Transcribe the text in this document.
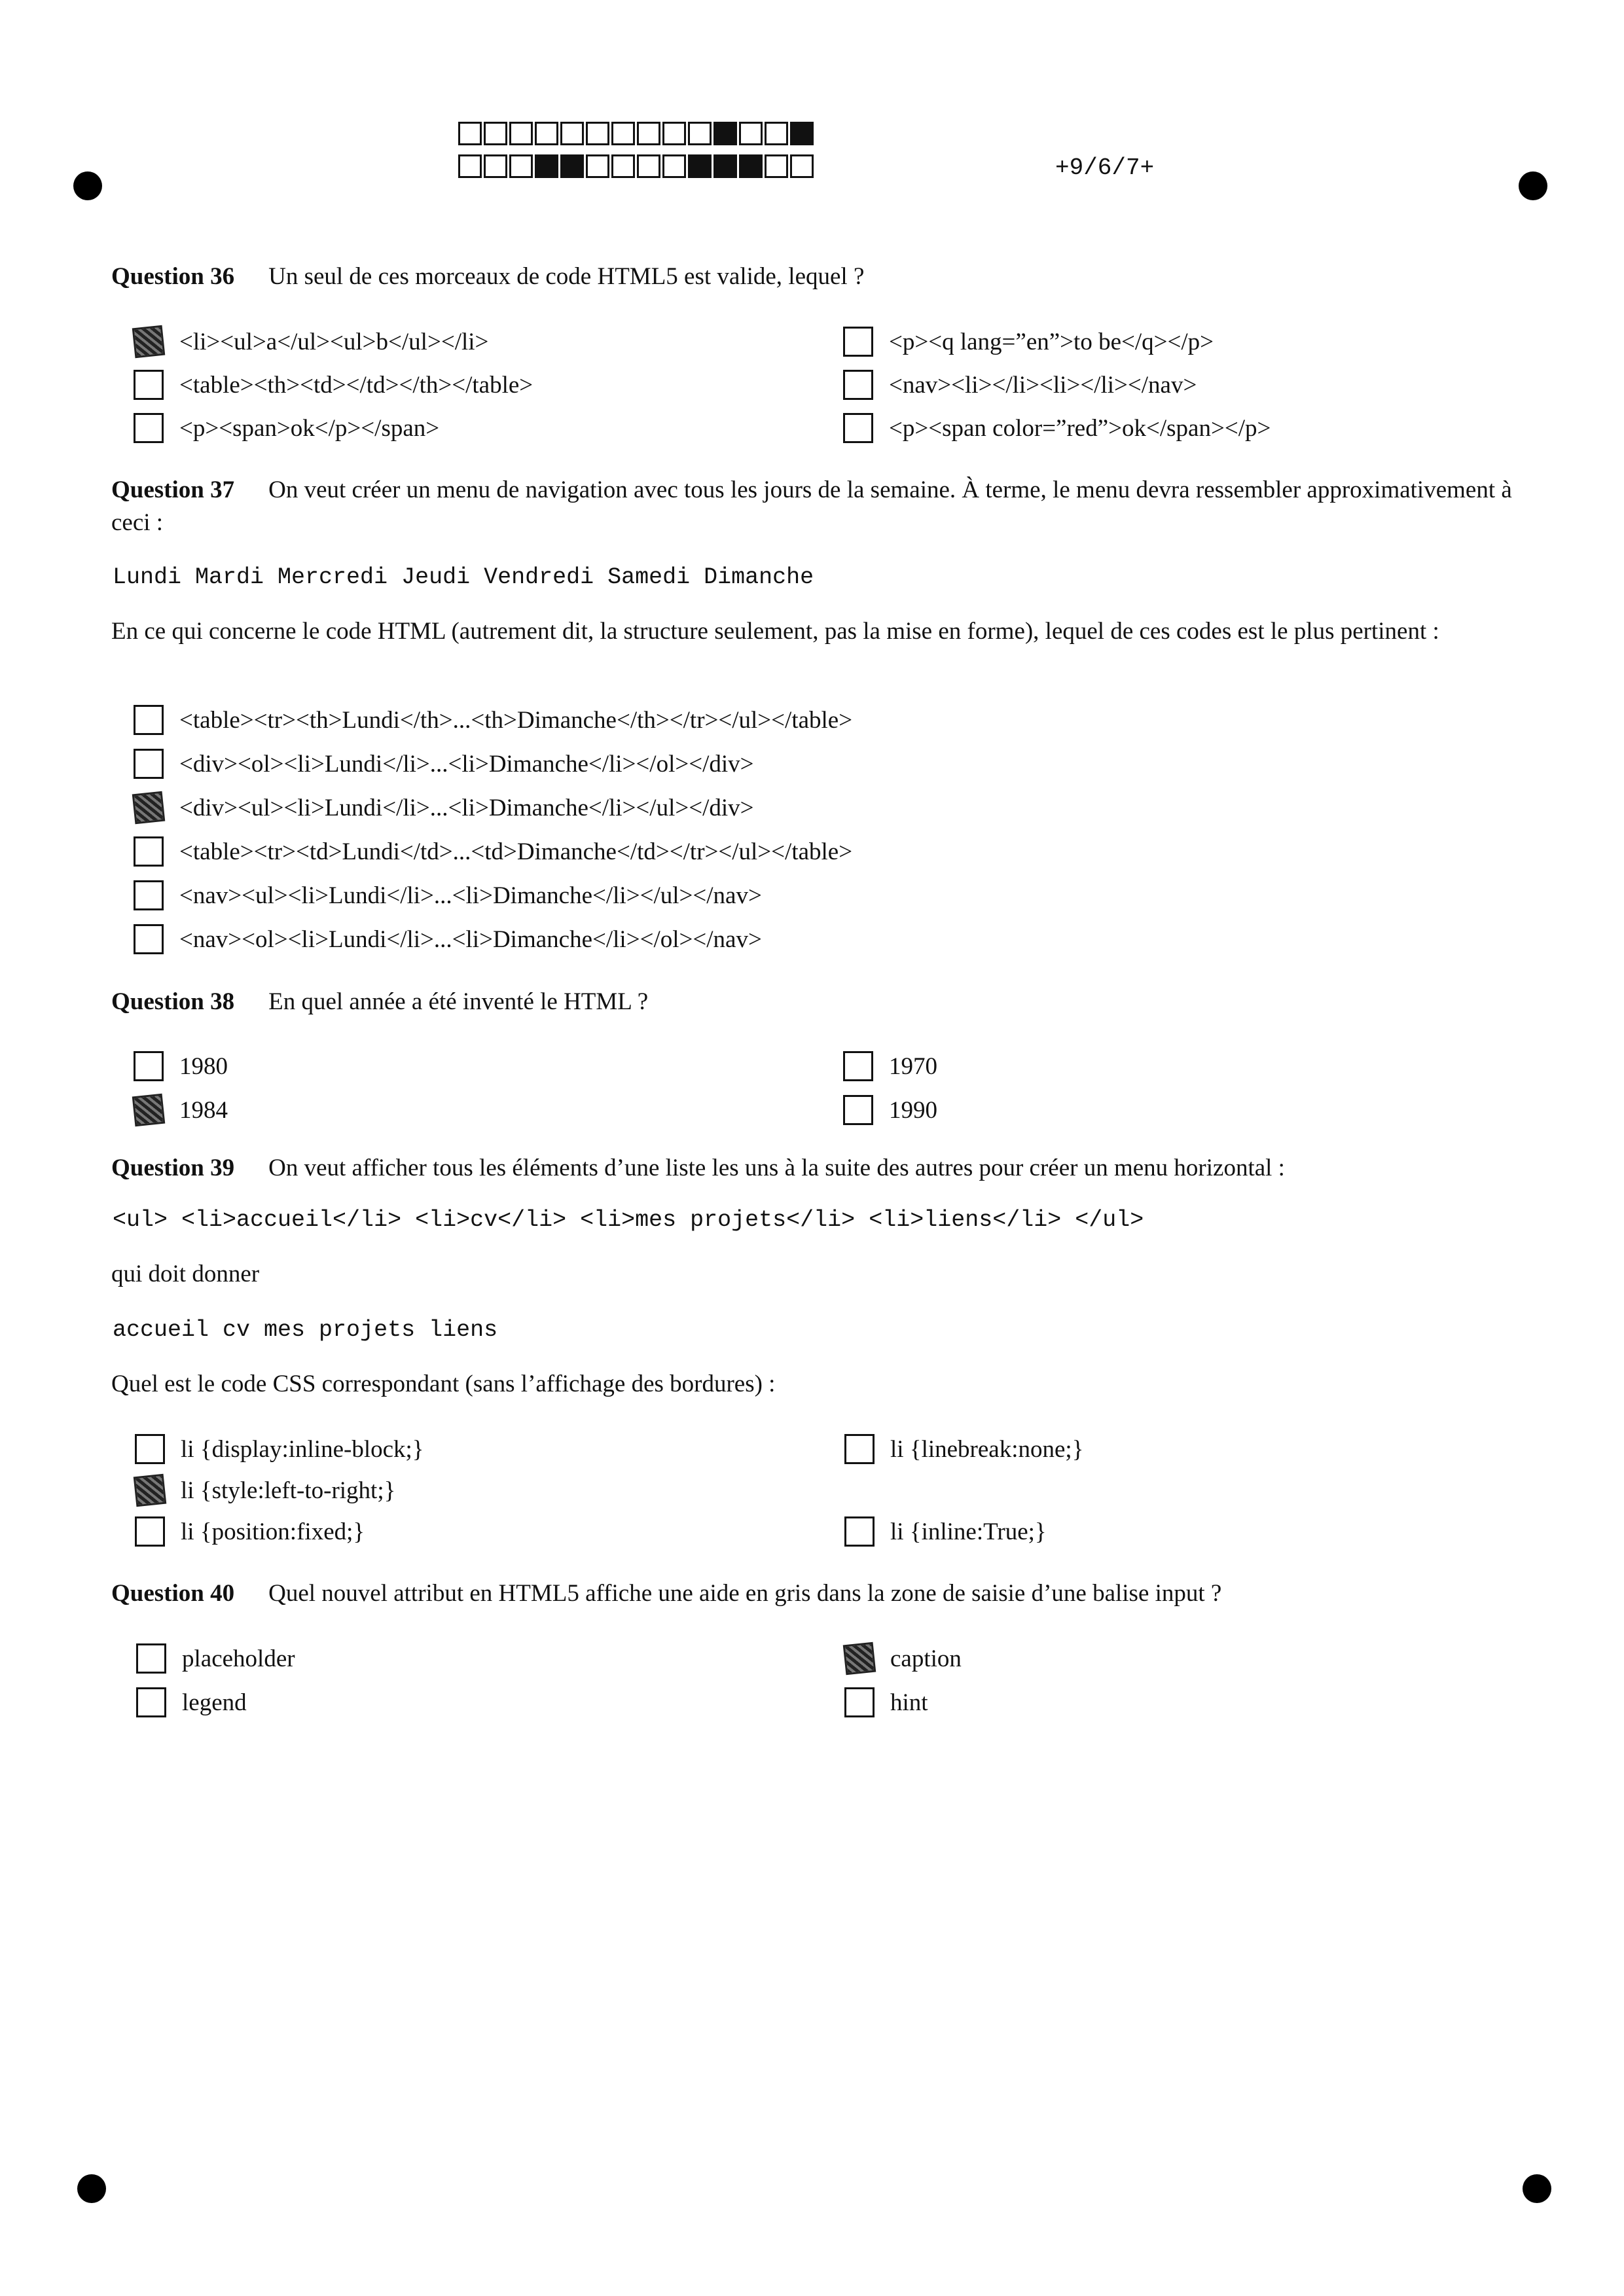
+9/6/7+
Question 36 Un seul de ces morceaux de code HTML5 est valide, lequel ?
<li><ul>a</ul><ul>b</ul></li>
<table><th><td></td></th></table>
<p><span>ok</p></span>
<p><q lang=”en”>to be</q></p>
<nav><li></li><li></li></nav>
<p><span color=”red”>ok</span></p>
Question 37 On veut créer un menu de navigation avec tous les jours de la semaine. À terme, le menu devra ressembler approximativement à ceci :
Lundi Mardi Mercredi Jeudi Vendredi Samedi Dimanche
En ce qui concerne le code HTML (autrement dit, la structure seulement, pas la mise en forme), lequel de ces codes est le plus pertinent :
<table><tr><th>Lundi</th>...<th>Dimanche</th></tr></ul></table>
<div><ol><li>Lundi</li>...<li>Dimanche</li></ol></div>
<div><ul><li>Lundi</li>...<li>Dimanche</li></ul></div>
<table><tr><td>Lundi</td>...<td>Dimanche</td></tr></ul></table>
<nav><ul><li>Lundi</li>...<li>Dimanche</li></ul></nav>
<nav><ol><li>Lundi</li>...<li>Dimanche</li></ol></nav>
Question 38 En quel année a été inventé le HTML ?
1980
1984
1970
1990
Question 39 On veut afficher tous les éléments d’une liste les uns à la suite des autres pour créer un menu horizontal :
<ul> <li>accueil</li> <li>cv</li> <li>mes projets</li> <li>liens</li> </ul>
qui doit donner
accueil cv mes projets liens
Quel est le code CSS correspondant (sans l’affichage des bordures) :
li {display:inline-block;}
li {style:left-to-right;}
li {position:fixed;}
li {linebreak:none;}
li {inline:True;}
Question 40 Quel nouvel attribut en HTML5 affiche une aide en gris dans la zone de saisie d’une balise input ?
placeholder
legend
caption
hint
